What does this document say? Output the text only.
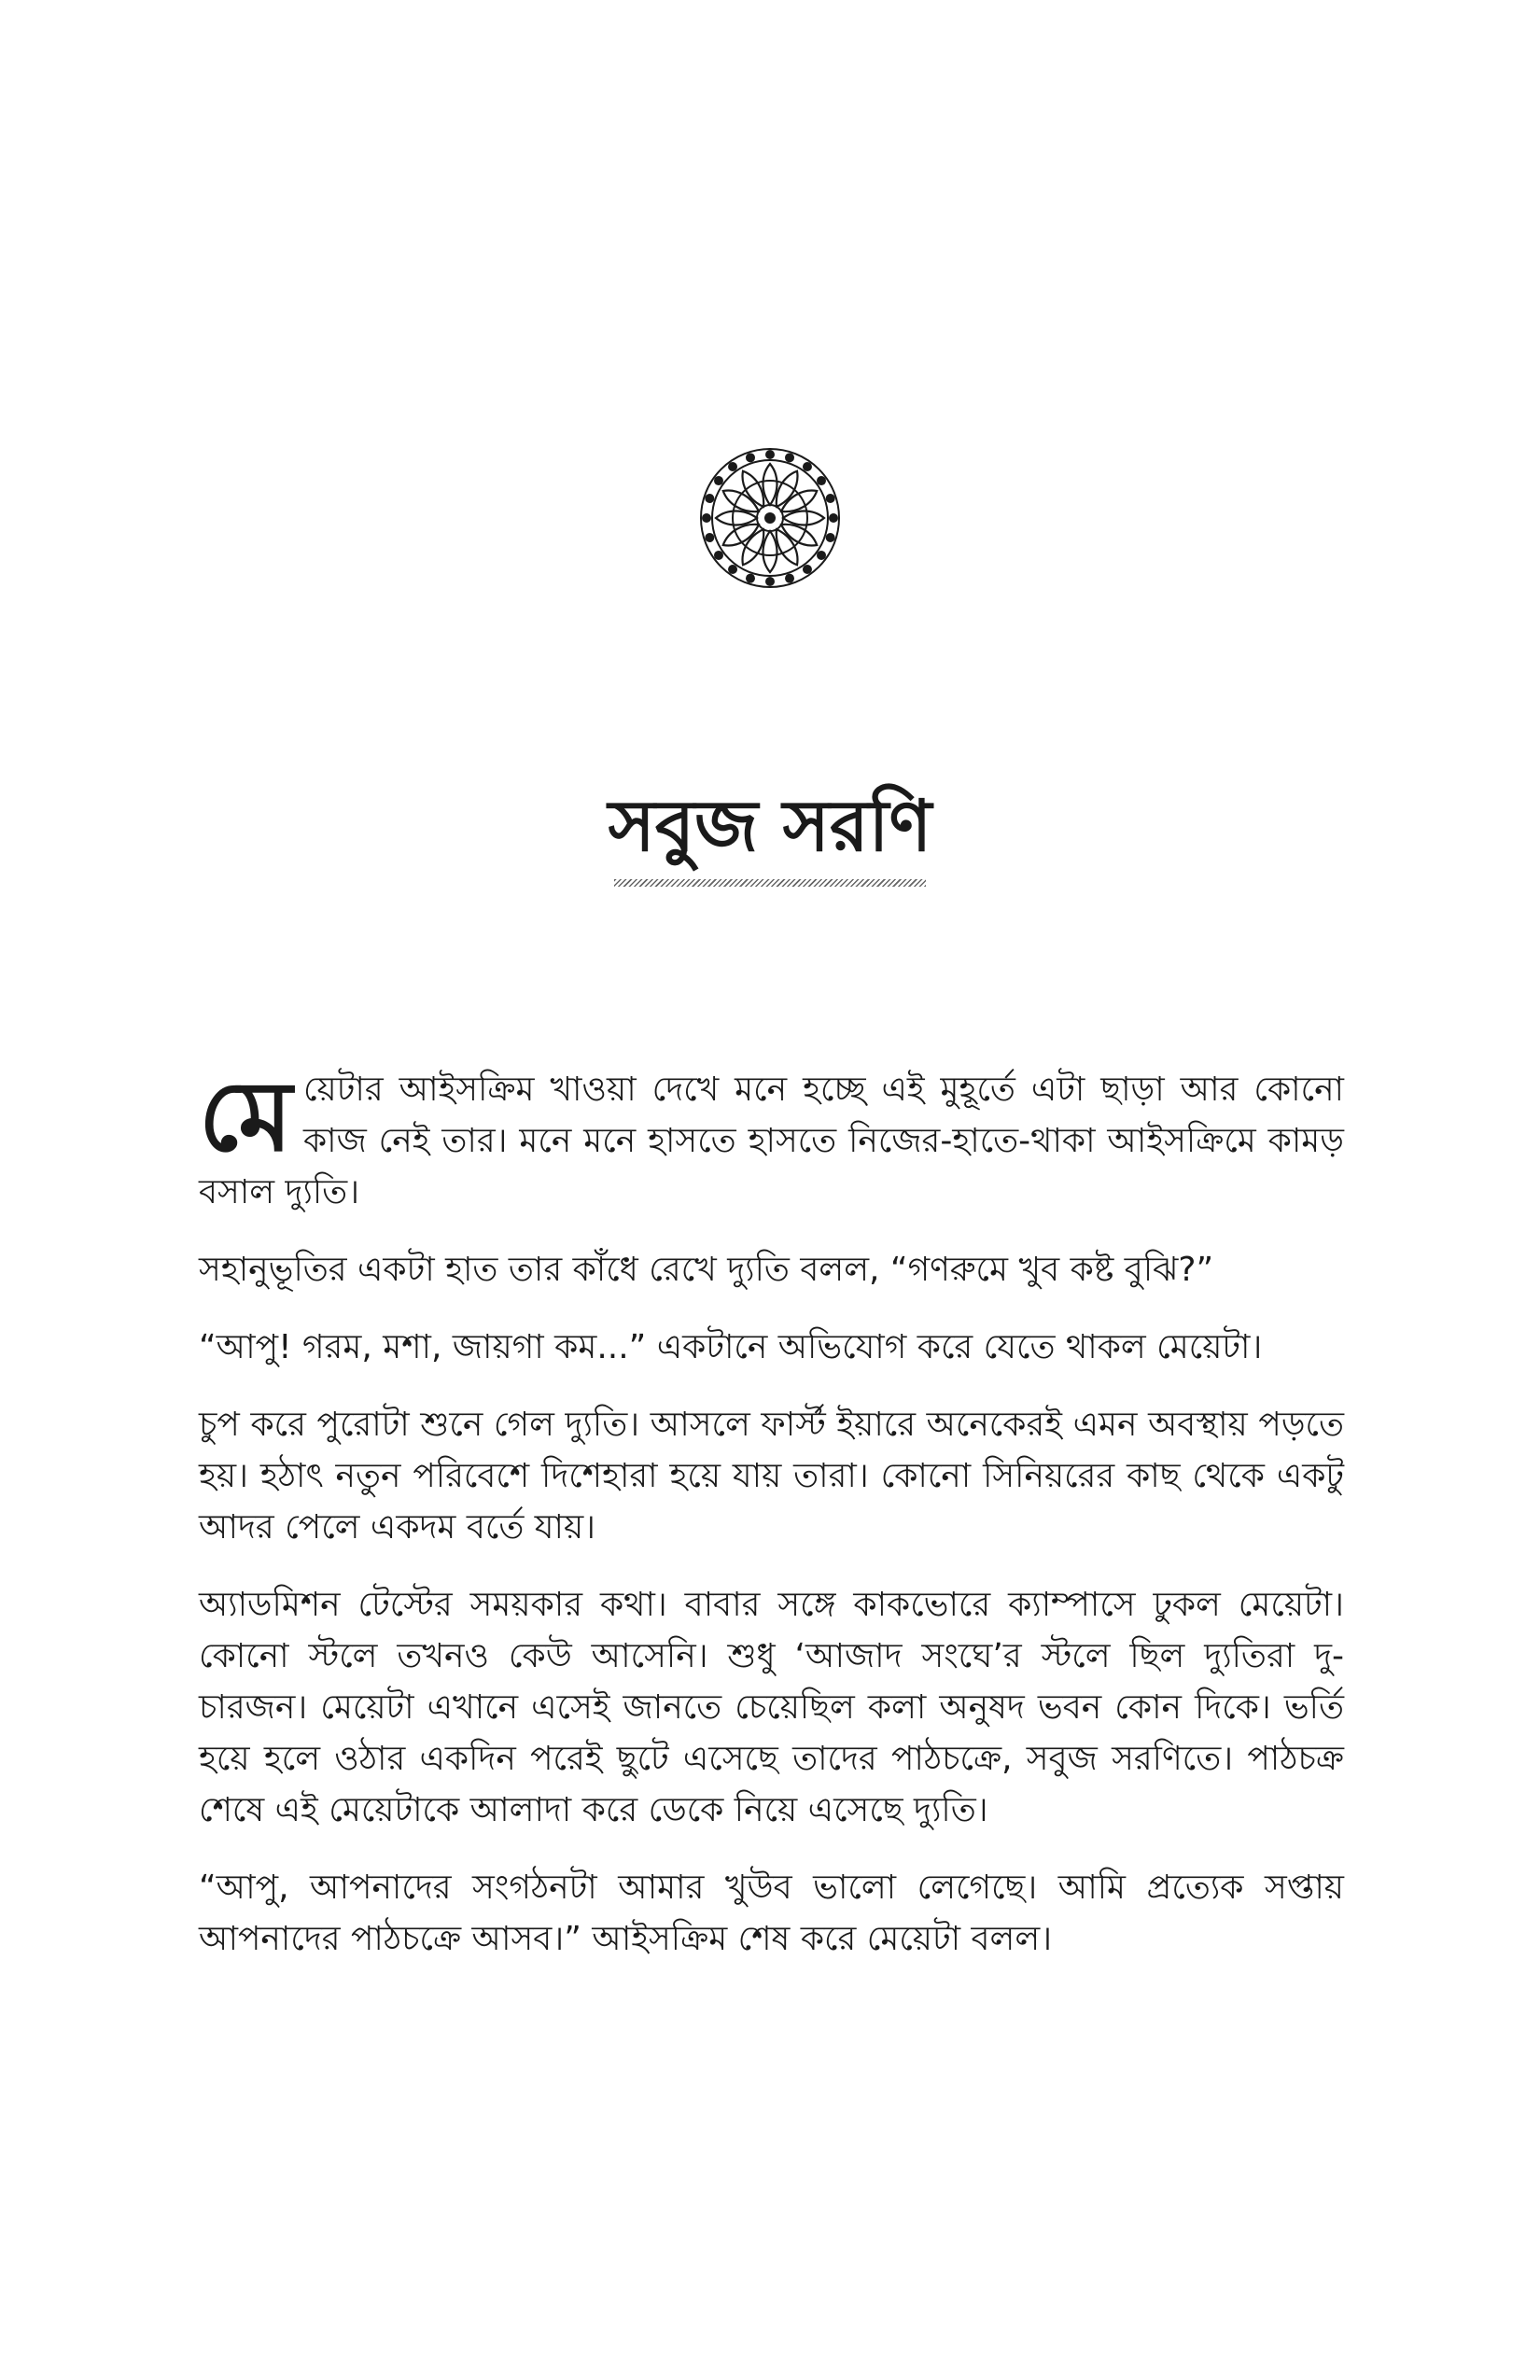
সবুজ সরণি

মেয়েটার আইসক্রিম খাওয়া দেখে মনে হচ্ছে এই মুহূর্তে এটা ছাড়া আর কোনো কাজ নেই তার। মনে মনে হাসতে হাসতে নিজের-হাতে-থাকা আইসক্রিমে কামড় বসাল দ্যুতি।

সহানুভূতির একটা হাত তার কাঁধে রেখে দ্যুতি বলল, “গণরুমে খুব কষ্ট বুঝি?”

“আপু! গরম, মশা, জায়গা কম...” একটানে অভিযোগ করে যেতে থাকল মেয়েটা।

চুপ করে পুরোটা শুনে গেল দ্যুতি। আসলে ফার্স্ট ইয়ারে অনেকেরই এমন অবস্থায় পড়তে হয়। হঠাৎ নতুন পরিবেশে দিশেহারা হয়ে যায় তারা। কোনো সিনিয়রের কাছ থেকে একটু আদর পেলে একদম বর্তে যায়।

অ্যাডমিশন টেস্টের সময়কার কথা। বাবার সঙ্গে কাকভোরে ক্যাম্পাসে ঢুকল মেয়েটা। কোনো স্টলে তখনও কেউ আসেনি। শুধু ‘আজাদ সংঘে’র স্টলে ছিল দ্যুতিরা দু-চারজন। মেয়েটা এখানে এসেই জানতে চেয়েছিল কলা অনুষদ ভবন কোন দিকে। ভর্তি হয়ে হলে ওঠার একদিন পরেই ছুটে এসেছে তাদের পাঠচক্রে, সবুজ সরণিতে। পাঠচক্র শেষে এই মেয়েটাকে আলাদা করে ডেকে নিয়ে এসেছে দ্যুতি।

“আপু, আপনাদের সংগঠনটা আমার খুউব ভালো লেগেছে। আমি প্রত্যেক সপ্তায় আপনাদের পাঠচক্রে আসব।” আইসক্রিম শেষ করে মেয়েটা বলল।
